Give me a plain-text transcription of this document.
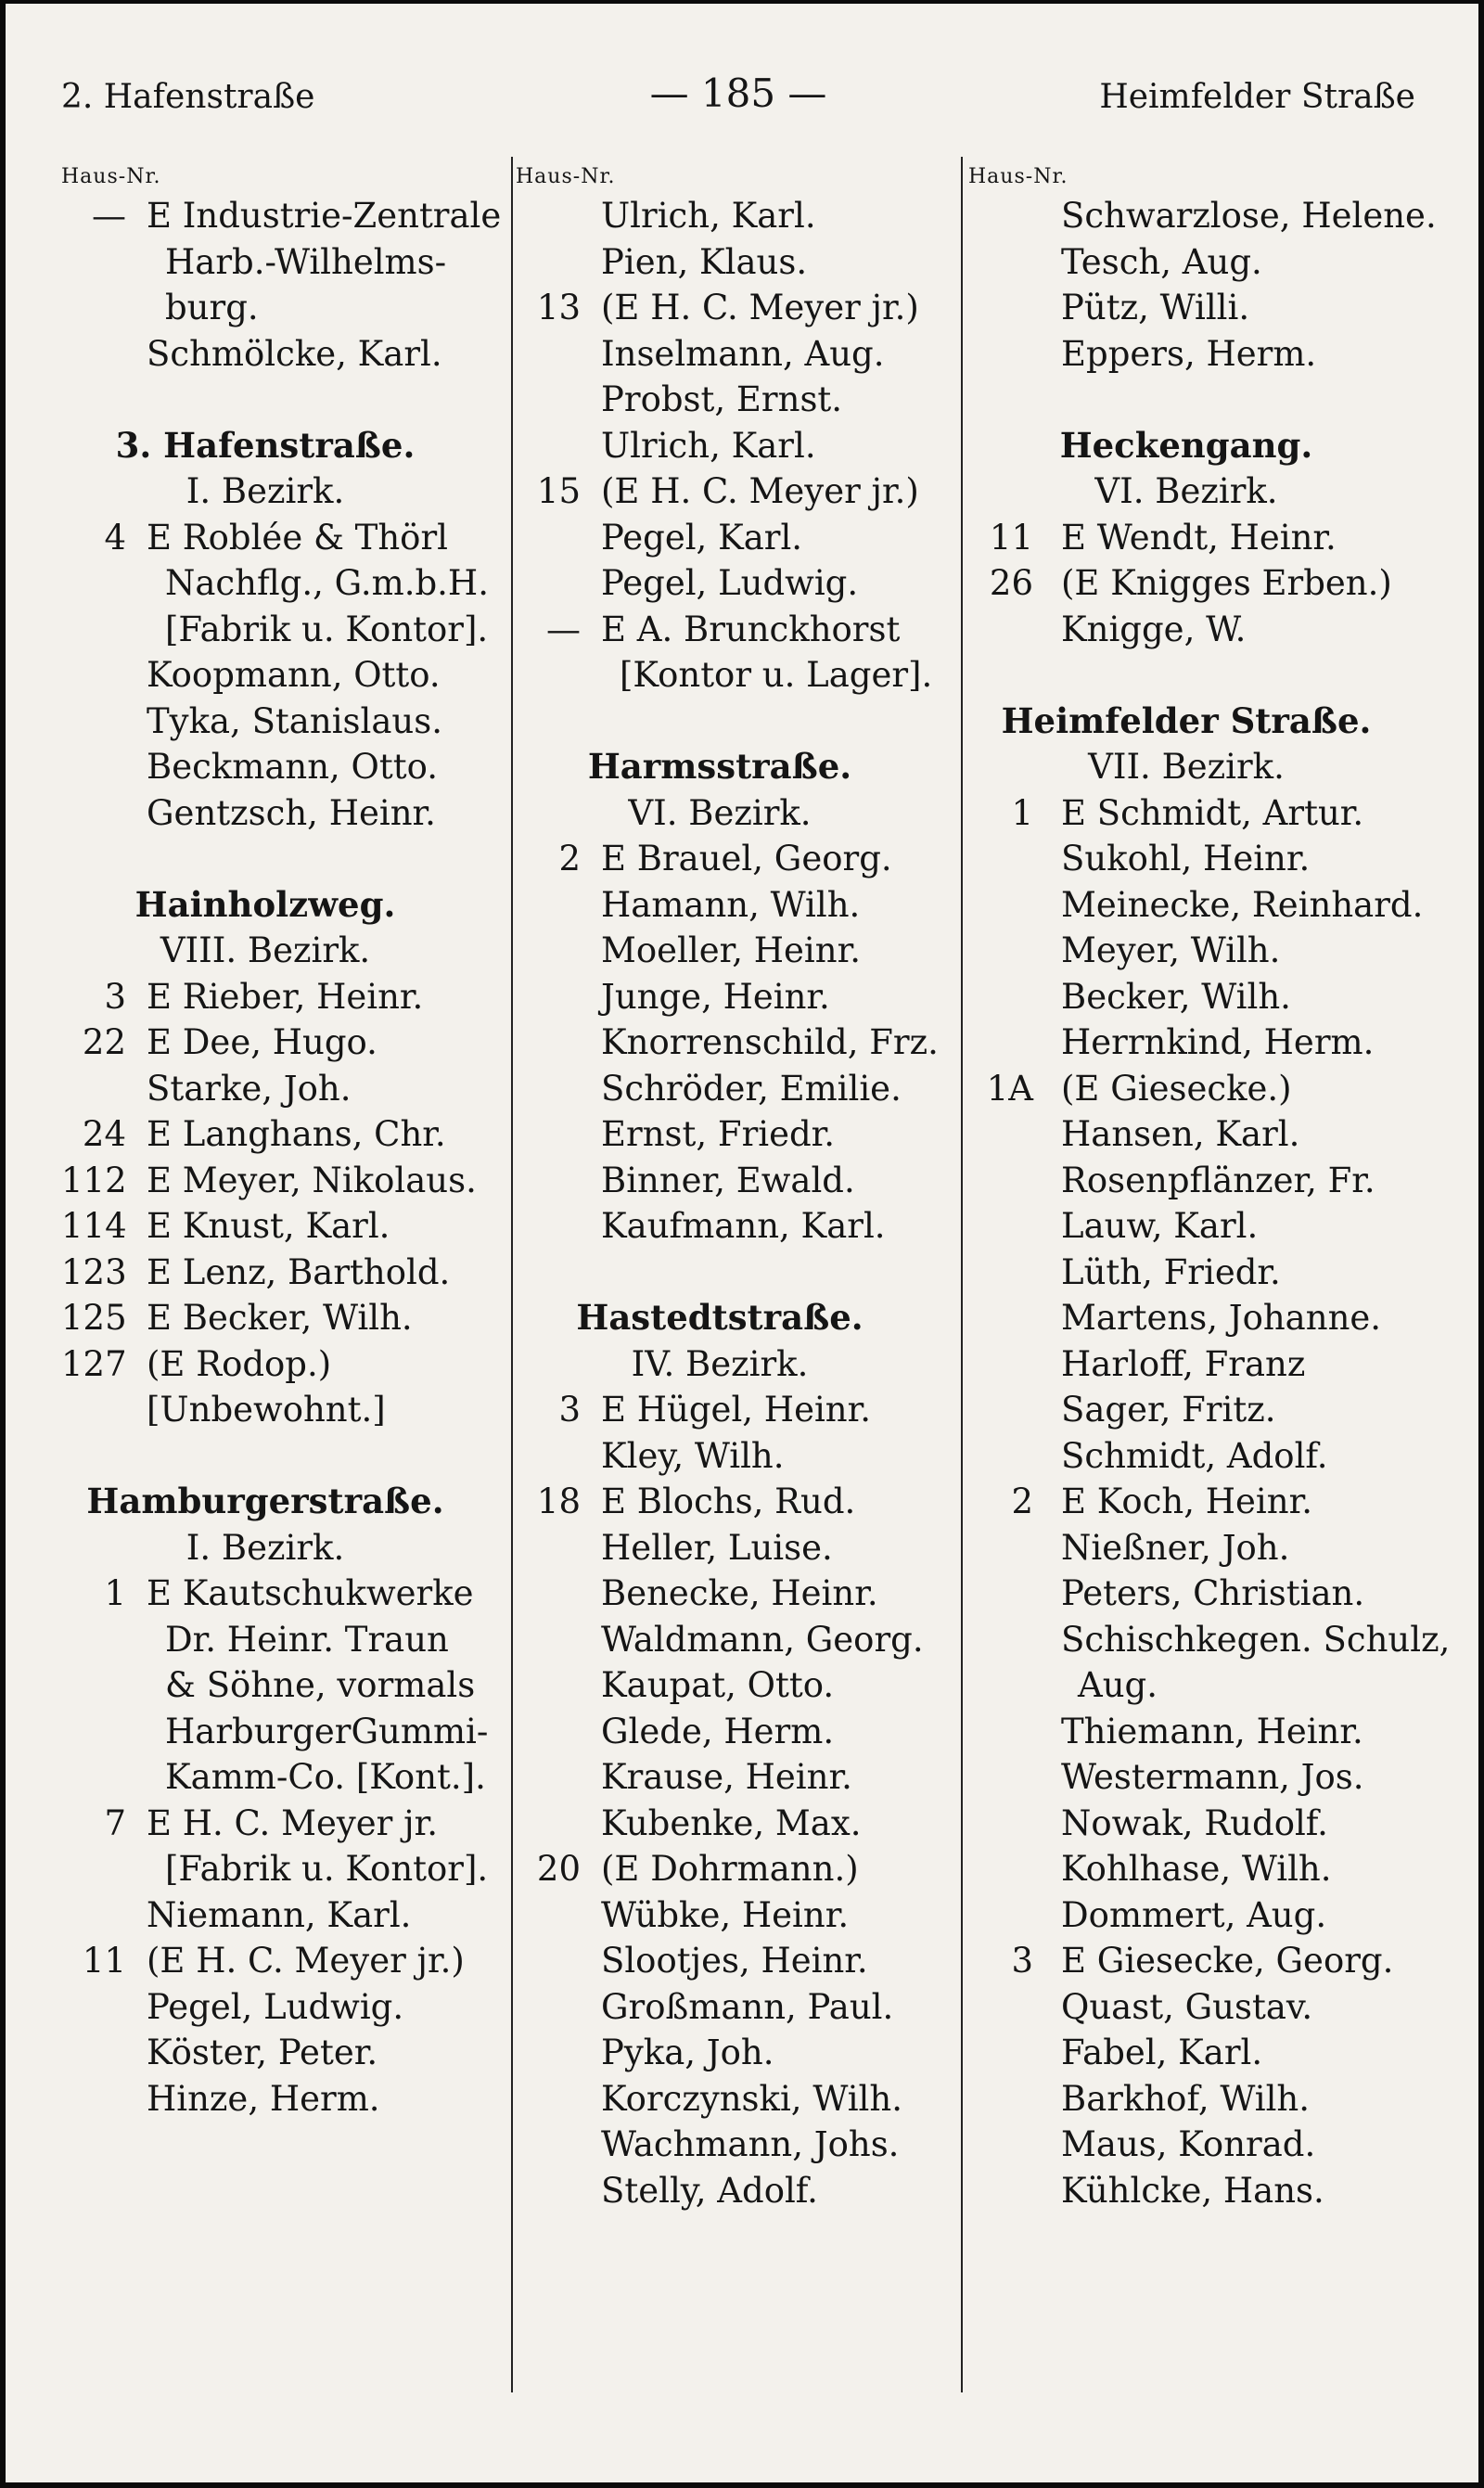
2. Hafenstraße	— 185 —	Heimfelder Straße
Haus-Nr.
— E Industrie-Zentrale
Harb.-Wilhelms-
burg.
Schmölcke, Karl.
3. Hafenstraße.
I. Bezirk.
4 E Roblée & Thörl
Nachflg., G.m.b.H.
[Fabrik u. Kontor].
Koopmann, Otto.
Tyka, Stanislaus.
Beckmann, Otto.
Gentzsch, Heinr.
Hainholzweg.
VIII. Bezirk.
3 E Rieber, Heinr.
22 E Dee, Hugo.
Starke, Joh.
24 E Langhans, Chr.
112 E Meyer, Nikolaus.
114 E Knust, Karl.
123 E Lenz, Barthold.
125 E Becker, Wilh.
127 (E Rodop.)
[Unbewohnt.]
Hamburgerstraße.
I. Bezirk.
1 E Kautschukwerke
Dr. Heinr. Traun
& Söhne, vormals
HarburgerGummi-
Kamm-Co. [Kont.].
7 E H. C. Meyer jr.
[Fabrik u. Kontor].
Niemann, Karl.
11 (E H. C. Meyer jr.)
Pegel, Ludwig.
Köster, Peter.
Hinze, Herm.
Haus-Nr.
Ulrich, Karl.
Pien, Klaus.
13 (E H. C. Meyer jr.)
Inselmann, Aug.
Probst, Ernst.
Ulrich, Karl.
15 (E H. C. Meyer jr.)
Pegel, Karl.
Pegel, Ludwig.
— E A. Brunckhorst
[Kontor u. Lager].
Harmsstraße.
VI. Bezirk.
2 E Brauel, Georg.
Hamann, Wilh.
Moeller, Heinr.
Junge, Heinr.
Knorrenschild, Frz.
Schröder, Emilie.
Ernst, Friedr.
Binner, Ewald.
Kaufmann, Karl.
Hastedtstraße.
IV. Bezirk.
3 E Hügel, Heinr.
Kley, Wilh.
18 E Blochs, Rud.
Heller, Luise.
Benecke, Heinr.
Waldmann, Georg.
Kaupat, Otto.
Glede, Herm.
Krause, Heinr.
Kubenke, Max.
20 (E Dohrmann.)
Wübke, Heinr.
Slootjes, Heinr.
Großmann, Paul.
Pyka, Joh.
Korczynski, Wilh.
Wachmann, Johs.
Stelly, Adolf.
Haus-Nr.
Schwarzlose, Helene.
Tesch, Aug.
Pütz, Willi.
Eppers, Herm.
Heckengang.
VI. Bezirk.
11 E Wendt, Heinr.
26 (E Knigges Erben.)
Knigge, W.
Heimfelder Straße.
VII. Bezirk.
1 E Schmidt, Artur.
Sukohl, Heinr.
Meinecke, Reinhard.
Meyer, Wilh.
Becker, Wilh.
Herrnkind, Herm.
1A (E Giesecke.)
Hansen, Karl.
Rosenpflänzer, Fr.
Lauw, Karl.
Lüth, Friedr.
Martens, Johanne.
Harloff, Franz
Sager, Fritz.
Schmidt, Adolf.
2 E Koch, Heinr.
Nießner, Joh.
Peters, Christian.
Schischkegen. Schulz,
Aug.
Thiemann, Heinr.
Westermann, Jos.
Nowak, Rudolf.
Kohlhase, Wilh.
Dommert, Aug.
3 E Giesecke, Georg.
Quast, Gustav.
Fabel, Karl.
Barkhof, Wilh.
Maus, Konrad.
Kühlcke, Hans.
